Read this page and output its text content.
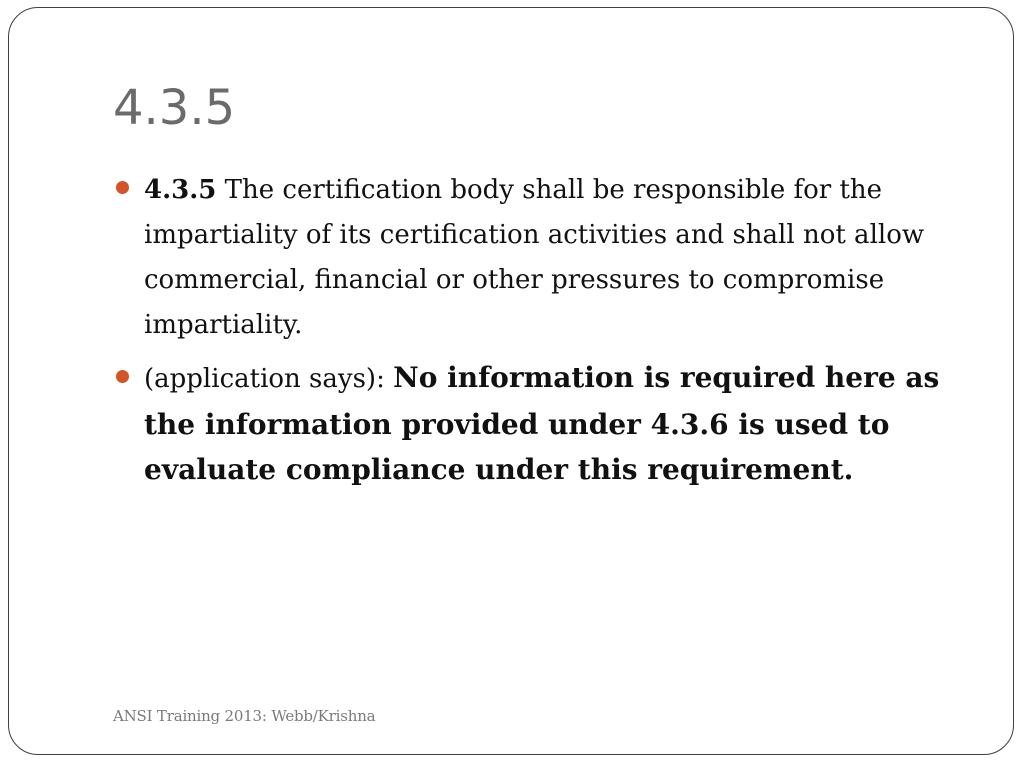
4.3.5
4.3.5 The certification body shall be responsible for the impartiality of its certification activities and shall not allow commercial, financial or other pressures to compromise impartiality.
(application says): No information is required here as the information provided under 4.3.6 is used to evaluate compliance under this requirement.
ANSI Training 2013: Webb/Krishna
